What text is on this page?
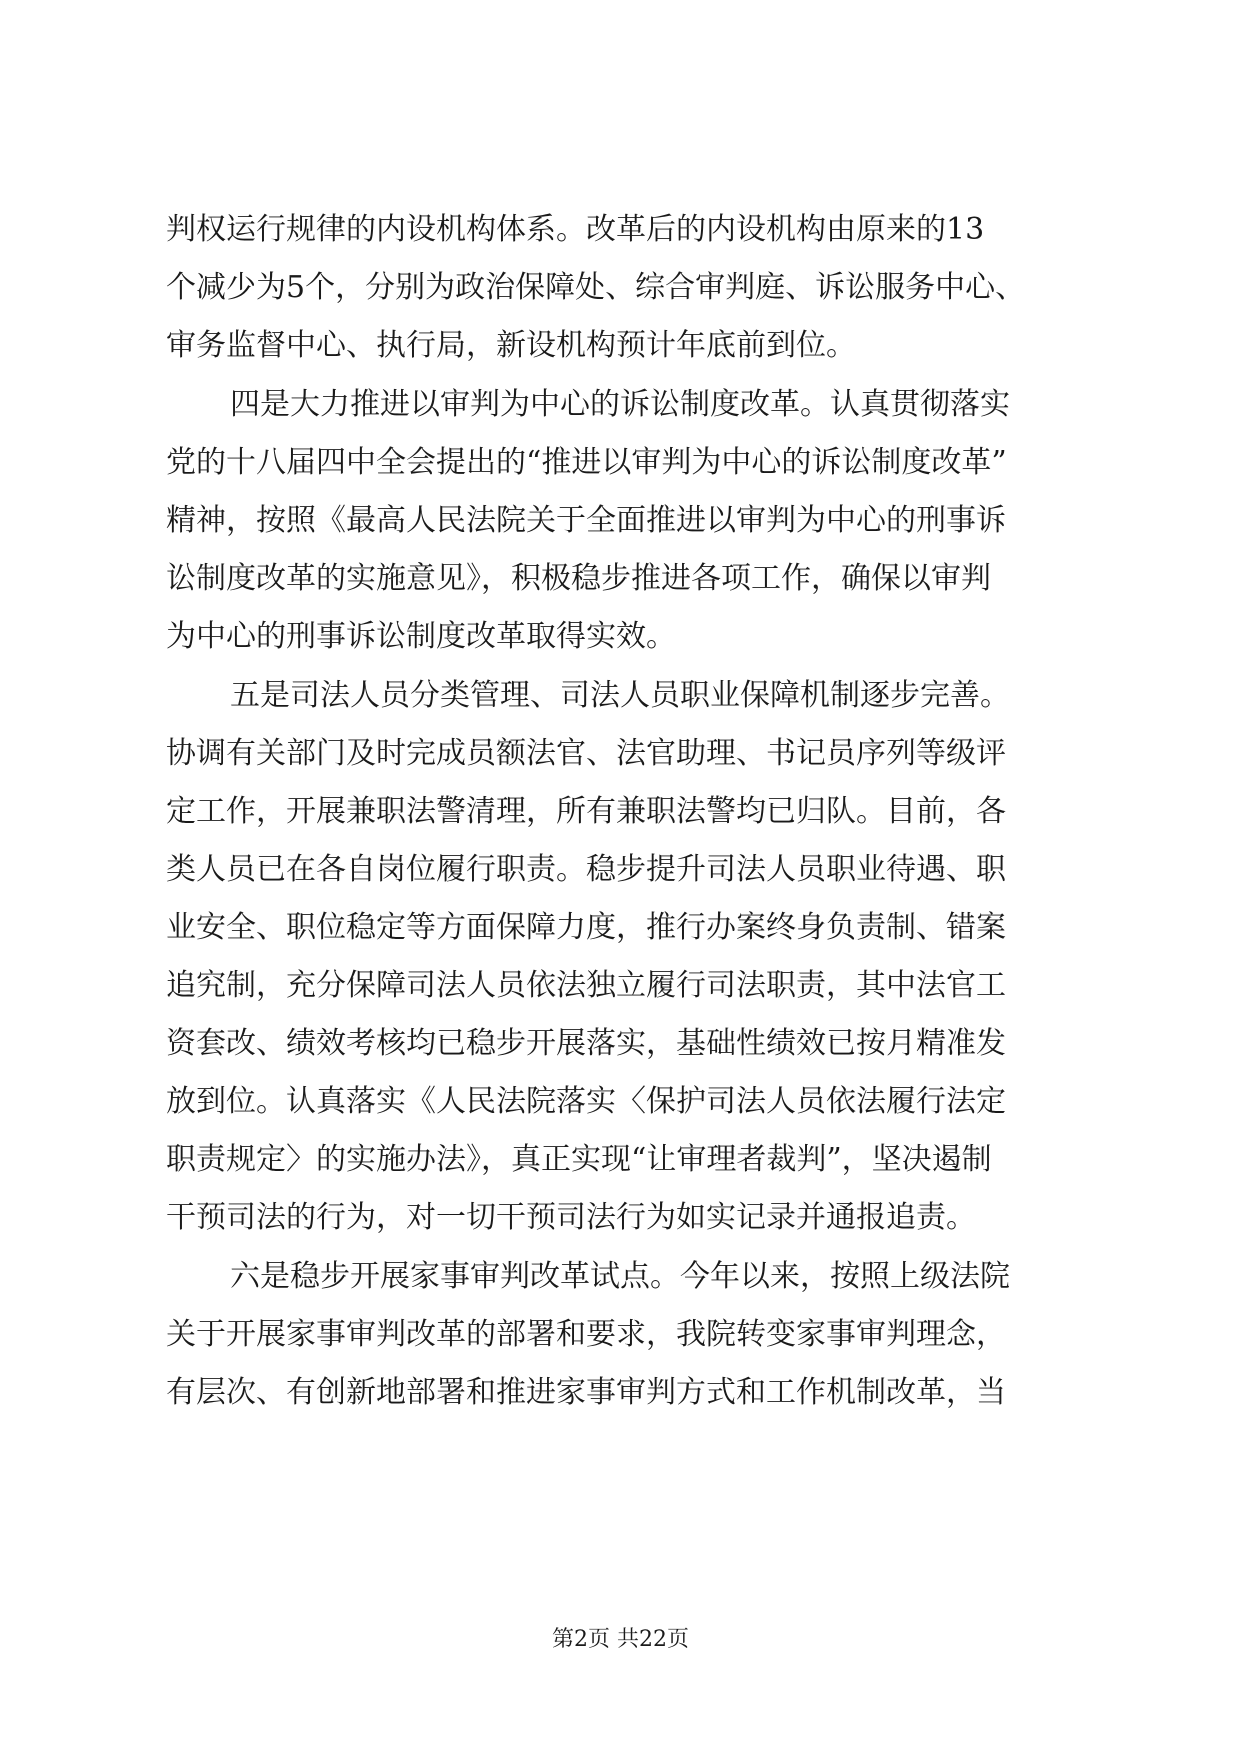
判权运行规律的内设机构体系。改革后的内设机构由原来的13
个减少为5个，分别为政治保障处、综合审判庭、诉讼服务中心、
审务监督中心、执行局，新设机构预计年底前到位。
四是大力推进以审判为中心的诉讼制度改革。认真贯彻落实
党的十八届四中全会提出的“推进以审判为中心的诉讼制度改革”
精神，按照《最高人民法院关于全面推进以审判为中心的刑事诉
讼制度改革的实施意见》，积极稳步推进各项工作，确保以审判
为中心的刑事诉讼制度改革取得实效。
五是司法人员分类管理、司法人员职业保障机制逐步完善。
协调有关部门及时完成员额法官、法官助理、书记员序列等级评
定工作，开展兼职法警清理，所有兼职法警均已归队。目前，各
类人员已在各自岗位履行职责。稳步提升司法人员职业待遇、职
业安全、职位稳定等方面保障力度，推行办案终身负责制、错案
追究制，充分保障司法人员依法独立履行司法职责，其中法官工
资套改、绩效考核均已稳步开展落实，基础性绩效已按月精准发
放到位。认真落实《人民法院落实〈保护司法人员依法履行法定
职责规定〉的实施办法》，真正实现“让审理者裁判”，坚决遏制
干预司法的行为，对一切干预司法行为如实记录并通报追责。
六是稳步开展家事审判改革试点。今年以来，按照上级法院
关于开展家事审判改革的部署和要求，我院转变家事审判理念，
有层次、有创新地部署和推进家事审判方式和工作机制改革，当
第2页 共22页
